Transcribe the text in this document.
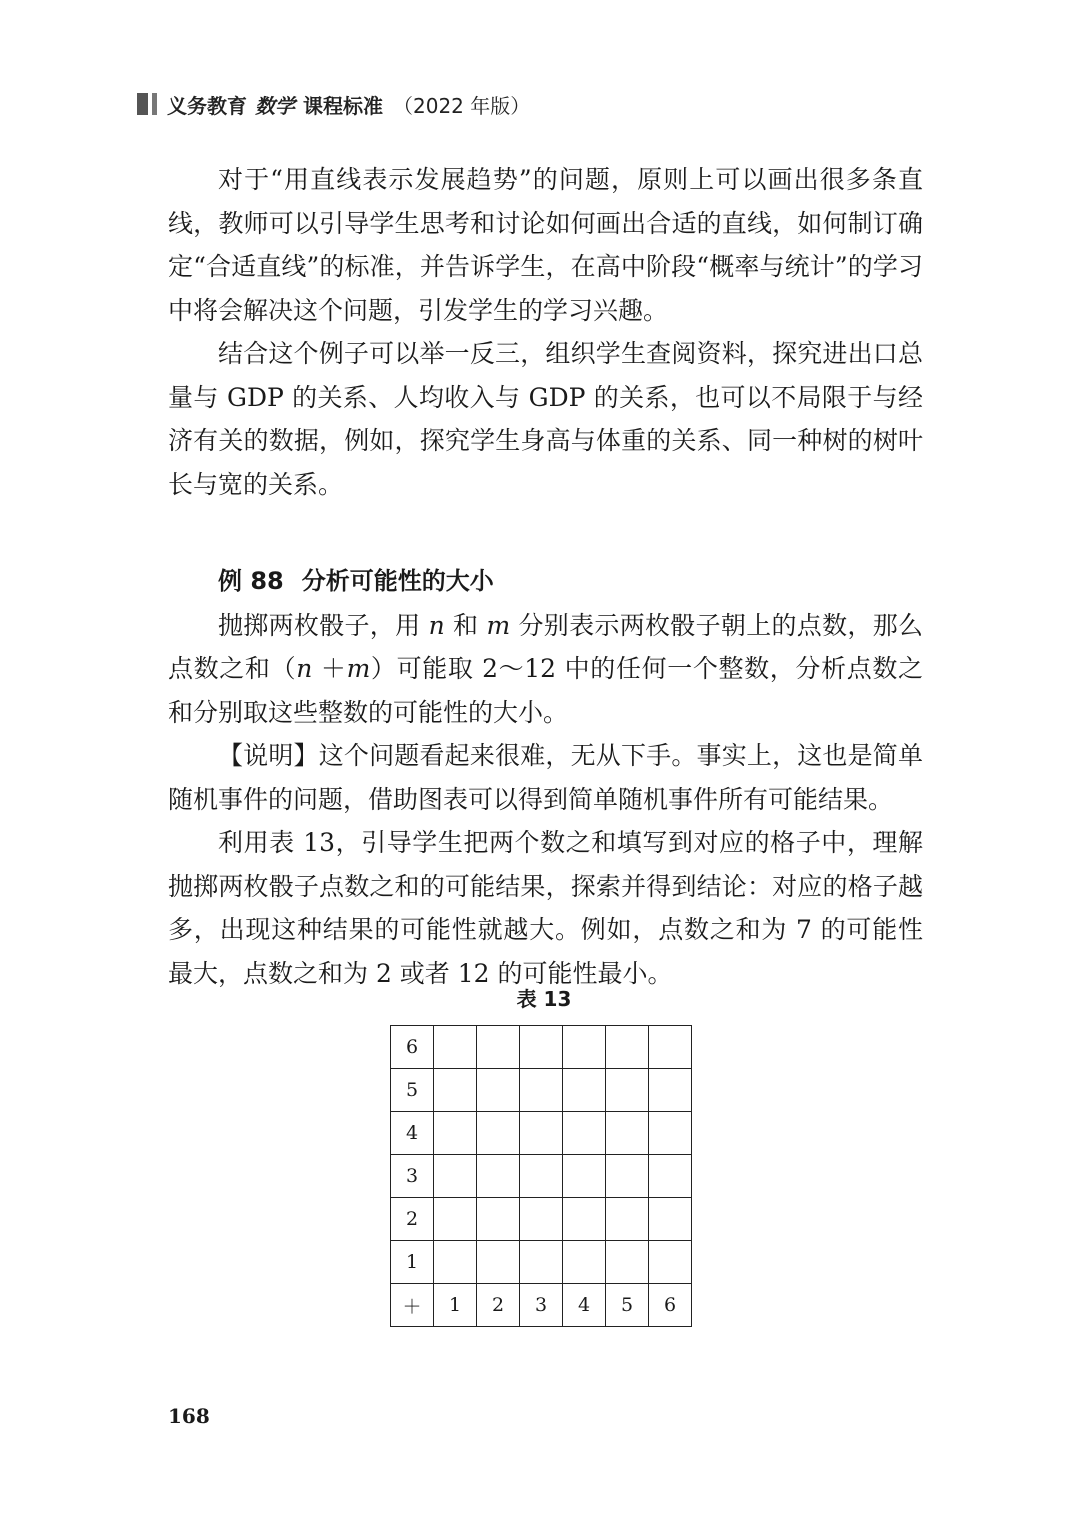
义务教育 数学 课程标准 （2022 年版）

对于“用直线表示发展趋势”的问题，原则上可以画出很多条直线，教师可以引导学生思考和讨论如何画出合适的直线，如何制订确定“合适直线”的标准，并告诉学生，在高中阶段“概率与统计”的学习中将会解决这个问题，引发学生的学习兴趣。

结合这个例子可以举一反三，组织学生查阅资料，探究进出口总量与 GDP 的关系、人均收入与 GDP 的关系，也可以不局限于与经济有关的数据，例如，探究学生身高与体重的关系、同一种树的树叶长与宽的关系。

例 88 分析可能性的大小

抛掷两枚骰子，用 n 和 m 分别表示两枚骰子朝上的点数，那么点数之和（n ＋m）可能取 2～12 中的任何一个整数，分析点数之和分别取这些整数的可能性的大小。

【说明】这个问题看起来很难，无从下手。事实上，这也是简单随机事件的问题，借助图表可以得到简单随机事件所有可能结果。

利用表 13，引导学生把两个数之和填写到对应的格子中，理解抛掷两枚骰子点数之和的可能结果，探索并得到结论：对应的格子越多，出现这种结果的可能性就越大。例如，点数之和为 7 的可能性最大，点数之和为 2 或者 12 的可能性最小。

表 13
6						
5						
4						
3						
2						
1						
＋	1	2	3	4	5	6
168
